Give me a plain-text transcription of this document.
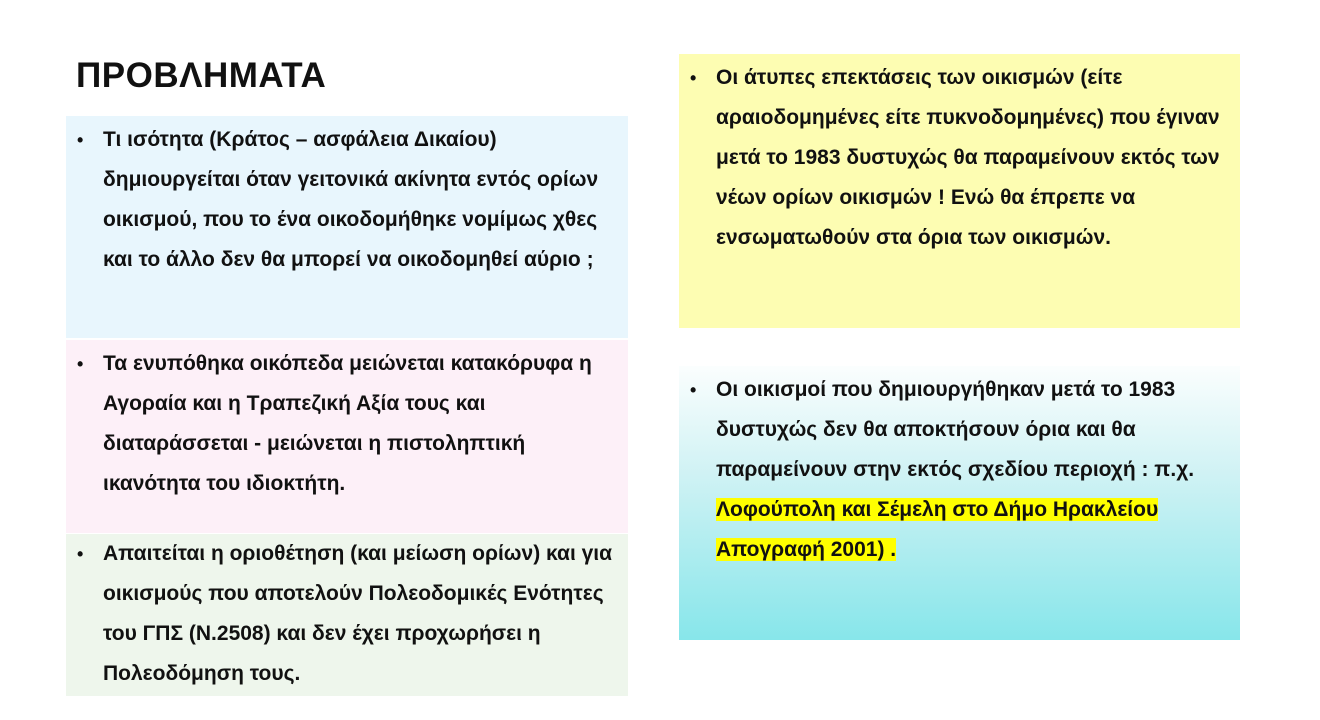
ΠΡΟΒΛΗΜΑΤΑ
• Τι ισότητα (Κράτος – ασφάλεια Δικαίου) δημιουργείται όταν γειτονικά ακίνητα εντός ορίων οικισμού, που το ένα οικοδομήθηκε νομίμως χθες και το άλλο δεν θα μπορεί να οικοδομηθεί αύριο ;
• Τα ενυπόθηκα οικόπεδα μειώνεται κατακόρυφα η Αγοραία και η Τραπεζική Αξία τους και διαταράσσεται - μειώνεται η πιστοληπτική ικανότητα του ιδιοκτήτη.
• Απαιτείται η οριοθέτηση (και μείωση ορίων) και για οικισμούς που αποτελούν Πολεοδομικές Ενότητες του ΓΠΣ (Ν.2508) και δεν έχει προχωρήσει η Πολεοδόμηση τους.
• Οι άτυπες επεκτάσεις των οικισμών (είτε αραιοδομημένες είτε πυκνοδομημένες) που έγιναν μετά το 1983 δυστυχώς θα παραμείνουν εκτός των νέων ορίων οικισμών ! Ενώ θα έπρεπε να ενσωματωθούν στα όρια των οικισμών.
• Οι οικισμοί που δημιουργήθηκαν μετά το 1983 δυστυχώς δεν θα αποκτήσουν όρια και θα παραμείνουν στην εκτός σχεδίου περιοχή : π.χ. Λοφούπολη και Σέμελη στο Δήμο Ηρακλείου Απογραφή 2001) .
